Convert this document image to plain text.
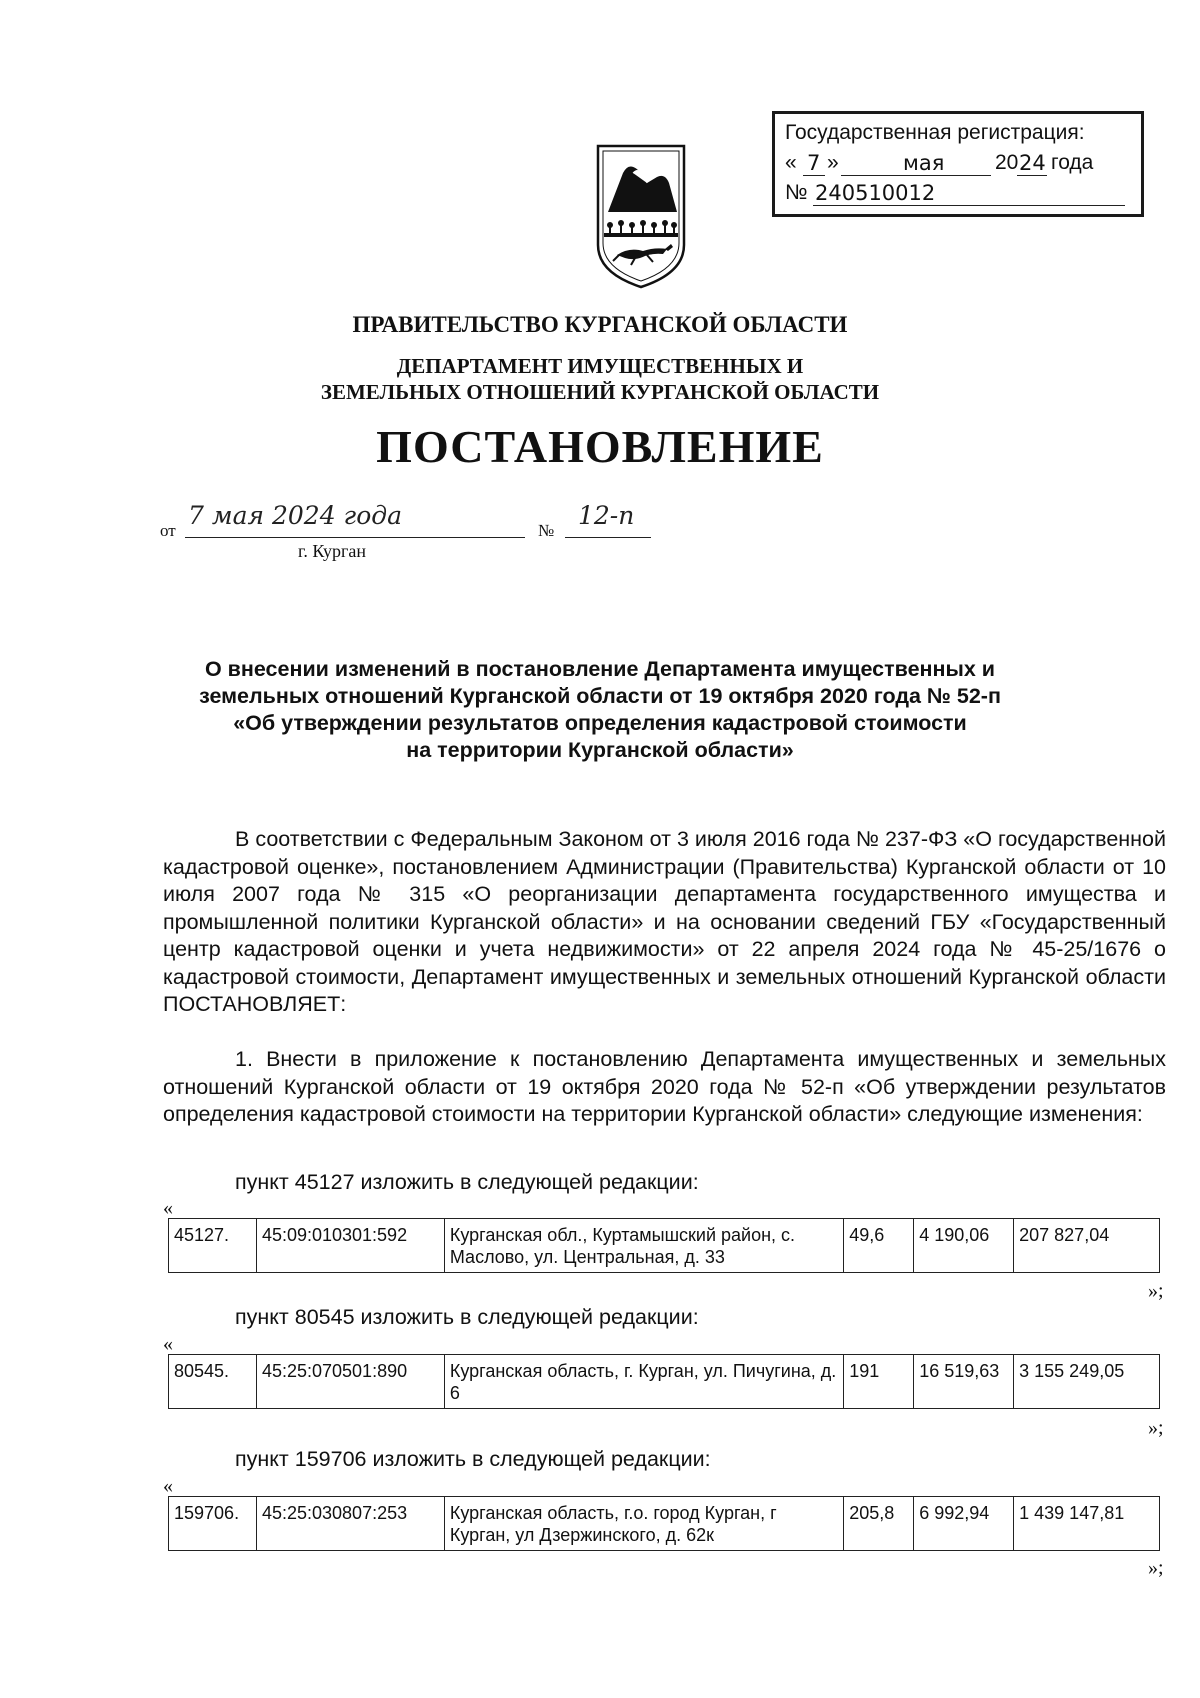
Государственная регистрация:
« 7 »	мая 20 24 года
№ 240510012
ПРАВИТЕЛЬСТВО КУРГАНСКОЙ ОБЛАСТИ
ДЕПАРТАМЕНТ ИМУЩЕСТВЕННЫХ И
ЗЕМЕЛЬНЫХ ОТНОШЕНИЙ КУРГАНСКОЙ ОБЛАСТИ
ПОСТАНОВЛЕНИЕ
от
7 мая 2024 года
№
12-п
г. Курган
О внесении изменений в постановление Департамента имущественных и
земельных отношений Курганской области от 19 октября 2020 года № 52-п
«Об утверждении результатов определения кадастровой стоимости
на территории Курганской области»
В соответствии с Федеральным Законом от 3 июля 2016 года № 237-ФЗ «О государственной кадастровой оценке», постановлением Администрации (Правительства) Курганской области от 10 июля 2007 года № 315 «О реорганизации департамента государственного имущества и промышленной политики Курганской области» и на основании сведений ГБУ «Государственный центр кадастровой оценки и учета недвижимости» от 22 апреля 2024 года № 45-25/1676 о кадастровой стоимости, Департамент имущественных и земельных отношений Курганской области ПОСТАНОВЛЯЕТ:
1. Внести в приложение к постановлению Департамента имущественных и земельных отношений Курганской области от 19 октября 2020 года № 52-п «Об утверждении результатов определения кадастровой стоимости на территории Курганской области» следующие изменения:
пункт 45127 изложить в следующей редакции:
«
45127.	45:09:010301:592	Курганская обл., Куртамышский район, с. Маслово, ул. Центральная, д. 33	49,6	4 190,06	207 827,04
»;
пункт 80545 изложить в следующей редакции:
«
80545.	45:25:070501:890	Курганская область, г. Курган, ул. Пичугина, д. 6	191	16 519,63	3 155 249,05
»;
пункт 159706 изложить в следующей редакции:
«
159706.	45:25:030807:253	Курганская область, г.о. город Курган, г Курган, ул Дзержинского, д. 62к	205,8	6 992,94	1 439 147,81
»;
